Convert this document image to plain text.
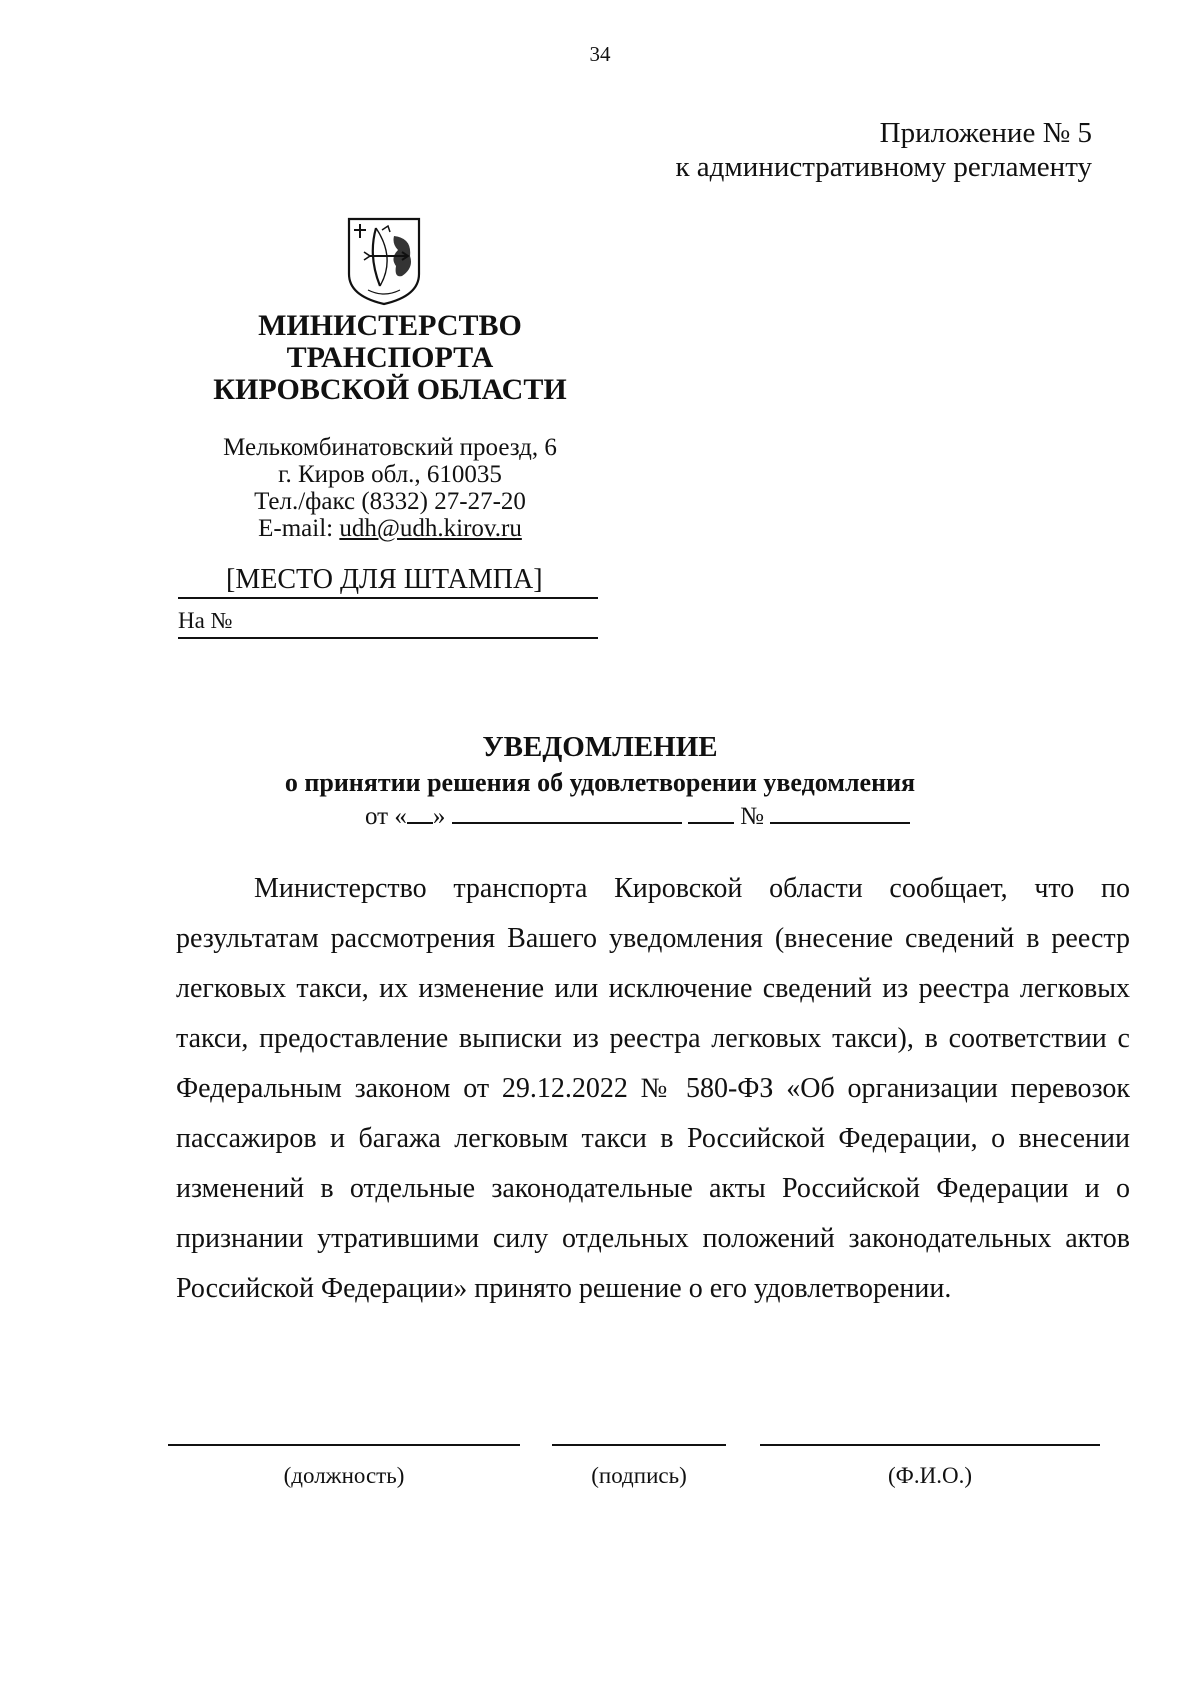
34
Приложение № 5
к административному регламенту
МИНИСТЕРСТВО
ТРАНСПОРТА
КИРОВСКОЙ ОБЛАСТИ
Мелькомбинатовский проезд, 6
г. Киров обл., 610035
Тел./факс (8332) 27-27-20
E-mail: udh@udh.kirov.ru
[МЕСТО ДЛЯ ШТАМПА]
На №
УВЕДОМЛЕНИЕ
о принятии решения об удовлетворении уведомления
от « »	№

Министерство транспорта Кировской области сообщает, что по результатам рассмотрения Вашего уведомления (внесение сведений в реестр легковых такси, их изменение или исключение сведений из реестра легковых такси, предоставление выписки из реестра легковых такси), в соответствии с Федеральным законом от 29.12.2022 № 580-ФЗ «Об организации перевозок пассажиров и багажа легковым такси в Российской Федерации, о внесении изменений в отдельные законодательные акты Российской Федерации и о признании утратившими силу отдельных положений законодательных актов Российской Федерации» принято решение о его удовлетворении.

(должность)	(подпись)	(Ф.И.О.)
